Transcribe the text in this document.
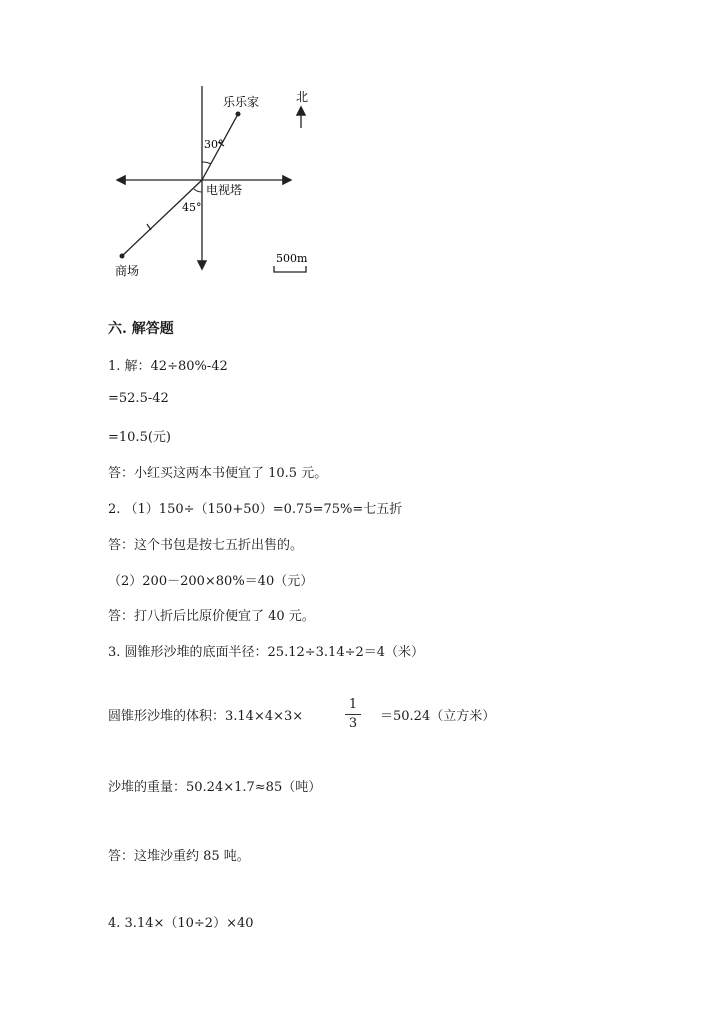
乐乐家	北
30°
电视塔
45°
商场
500m
六. 解答题
1. 解：42÷80%-42
=52.5-42
=10.5(元)
答：小红买这两本书便宜了 10.5 元。
2. （1）150÷（150+50）=0.75=75%=七五折
答：这个书包是按七五折出售的。
（2）200－200×80%＝40（元）
答：打八折后比原价便宜了 40 元。
3. 圆锥形沙堆的底面半径：25.12÷3.14÷2＝4（米）
圆锥形沙堆的体积：3.14×4×3×
1
3 ＝50.24（立方米）
沙堆的重量：50.24×1.7≈85（吨）
答：这堆沙重约 85 吨。
4. 3.14×（10÷2）×40
